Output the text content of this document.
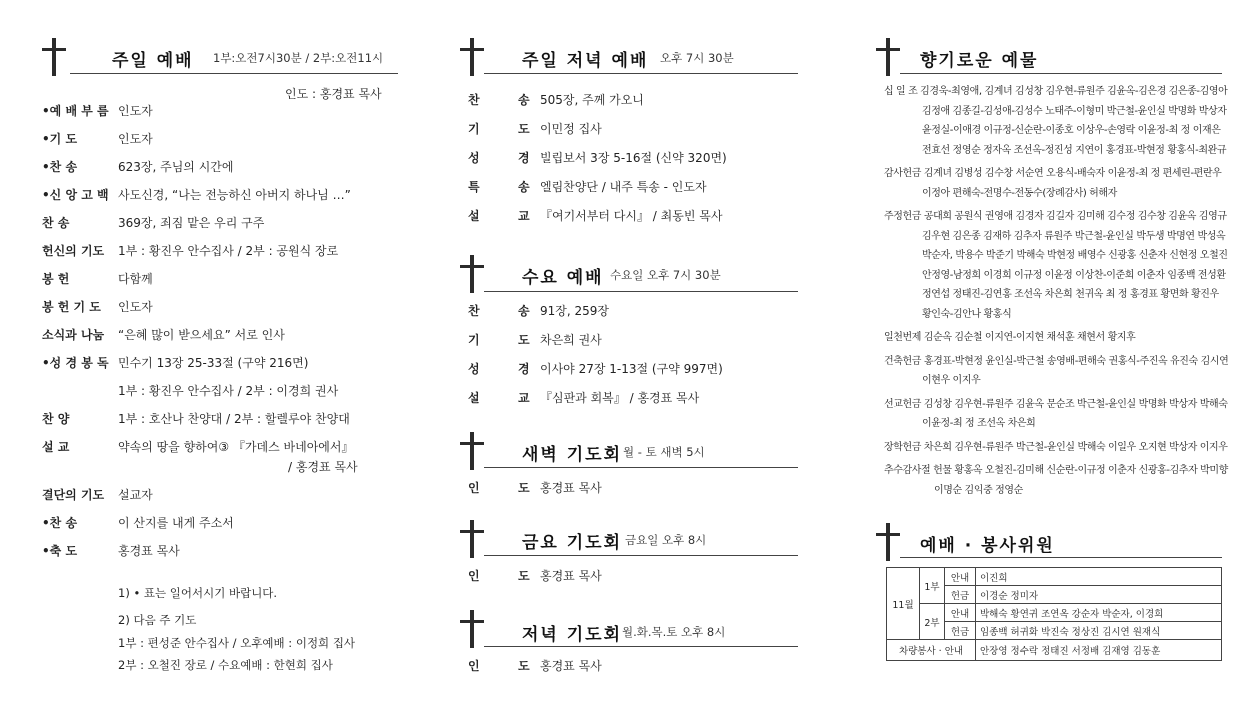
주일 예배 1부:오전7시30분 / 2부:오전11시
인도 : 홍경표 목사
•예 배 부 름 인도자
•기 도	인도자
•찬 송	623장, 주님의 시간에
•신 앙 고 백 사도신경, “나는 전능하신 아버지 하나님 …”
찬 송	369장, 죄짐 맡은 우리 구주
헌신의 기도 1부 : 황진우 안수집사 / 2부 : 공원식 장로
봉 헌	다함께
봉 헌 기 도 인도자
소식과 나눔 “은혜 많이 받으세요” 서로 인사
•성 경 봉 독 민수기 13장 25-33절 (구약 216면)
1부 : 황진우 안수집사 / 2부 : 이경희 권사
찬 양	1부 : 호산나 찬양대 / 2부 : 할렐루야 찬양대
설 교	약속의 땅을 향하여③ 『가데스 바네아에서』
/ 홍경표 목사
결단의 기도 설교자
•찬 송	이 산지를 내게 주소서
•축 도	홍경표 목사
1) • 표는 일어서시기 바랍니다.
2) 다음 주 기도
1부 : 편성준 안수집사 / 오후예배 : 이정희 집사
2부 : 오철진 장로 / 수요예배 : 한현희 집사
주일 저녁 예배 오후 7시 30분
찬	송 505장, 주께 가오니
기	도 이민정 집사
성	경 빌립보서 3장 5-16절 (신약 320면)
특	송 엘림찬양단 / 내주 특송 - 인도자
설	교 『여기서부터 다시』 / 최동빈 목사
수요 예배 수요일 오후 7시 30분
찬	송 91장, 259장
기	도 차은희 권사
성	경 이사야 27장 1-13절 (구약 997면)
설	교 『심판과 회복』 / 홍경표 목사
새벽 기도회 월 - 토 새벽 5시
인	도 홍경표 목사
금요 기도회 금요일 오후 8시
인	도 홍경표 목사
저녁 기도회 월.화.목.토 오후 8시
인	도 홍경표 목사
향기로운 예물
십 일 조 김경욱-최영애, 김계녀 김성창 김우현-류원주 김윤옥-김은경 김은종-김영아
김정애 김종길-김성애-김성수 노태주-이형미 박근철-윤인실 박명화 박상자
윤정실-이애경 이규정-신순란-이종호 이상우-손영락 이윤정-최 정 이재은
전효선 정영순 정자옥 조선옥-정진성 지연이 홍경표-박현정 황홍식-최완규
감사헌금 김계녀 김병성 김수창 서순연 오용식-배숙자 이윤정-최 정 편세린-편란우
이정아 편해숙-전명수-전동수(장례감사) 허해자
주정헌금 공대희 공원식 권영애 김경자 김길자 김미해 김수정 김수창 김윤옥 김영규
김우현 김은종 김재하 김추자 류원주 박근철-윤인실 박두생 박명연 박성옥
박순자, 박용수 박준기 박해숙 박현정 배영수 신광홍 신춘자 신현정 오철진
안정영-남정희 이경희 이규정 이윤정 이상찬-이준희 이춘자 임종백 전성환
정연섭 정태진-김연홍 조선옥 차은희 천귀옥 최 정 홍경표 황면화 황진우
황인숙-김안나 황홍식
일천번제 김순옥 김순철 이지연-이지현 채석훈 채현서 황지후
건축헌금 홍경표-박현정 윤인실-박근철 송영배-편해숙 권홍식-주진옥 유진숙 김시연
이현우 이지우
선교헌금 김성창 김우현-류원주 김윤옥 문순조 박근철-윤인실 박명화 박상자 박해숙
이윤정-최 정 조선옥 차은희
장학헌금 차은희 김우현-류원주 박근철-윤인실 박해숙 이일우 오지현 박상자 이지우
추수감사절 헌물 황홍옥 오철진-김미해 신순란-이규정 이춘자 신광홍-김추자 박미향
이명순 김익중 정영순
예배 · 봉사위원
11월	1부	안내	이진희
		헌금	이경순 정미자
	2부	안내	박해숙 황연귀 조연옥 강순자 박순자, 이경희
		헌금	임종백 허귀화 박진숙 정상진 김시연 원재식
차량봉사 · 안내			안장영 정수락 정태진 서정배 김재영 김동훈
